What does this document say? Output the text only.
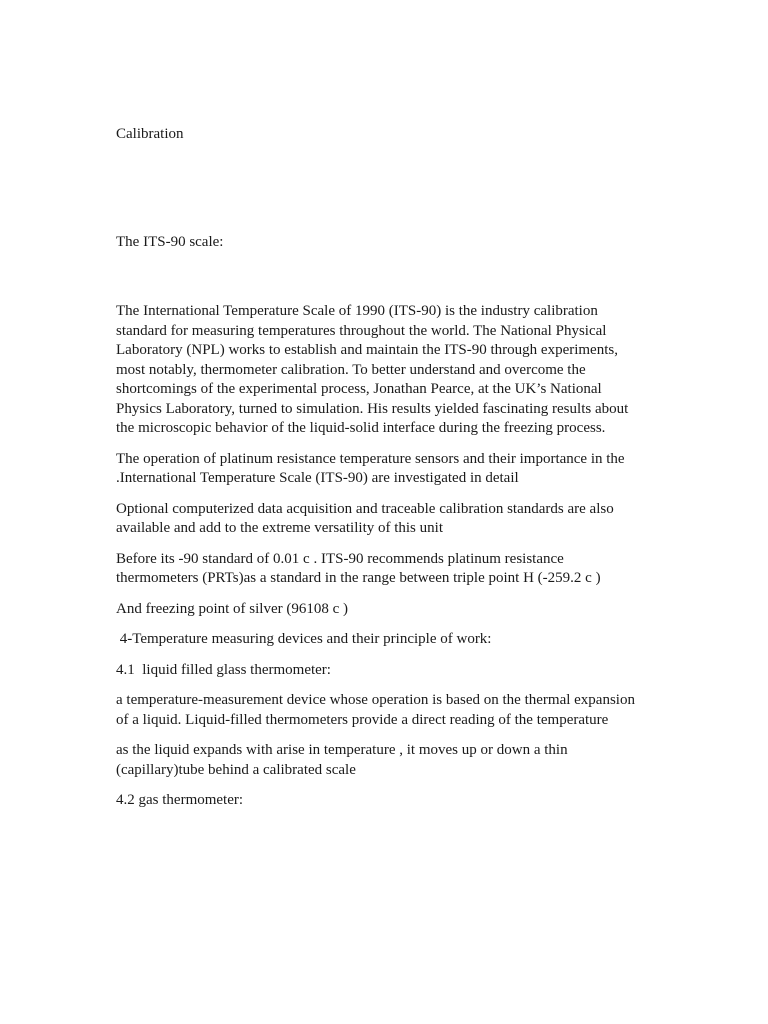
Calibration

The ITS-90 scale:

The International Temperature Scale of 1990 (ITS-90) is the industry calibration
standard for measuring temperatures throughout the world. The National Physical
Laboratory (NPL) works to establish and maintain the ITS-90 through experiments,
most notably, thermometer calibration. To better understand and overcome the
shortcomings of the experimental process, Jonathan Pearce, at the UK’s National
Physics Laboratory, turned to simulation. His results yielded fascinating results about
the microscopic behavior of the liquid-solid interface during the freezing process.

The operation of platinum resistance temperature sensors and their importance in the
.International Temperature Scale (ITS-90) are investigated in detail

Optional computerized data acquisition and traceable calibration standards are also
available and add to the extreme versatility of this unit

Before its -90 standard of 0.01 c . ITS-90 recommends platinum resistance
thermometers (PRTs)as a standard in the range between triple point H (-259.2 c )

And freezing point of silver (96108 c )

4-Temperature measuring devices and their principle of work:

4.1  liquid filled glass thermometer:

a temperature-measurement device whose operation is based on the thermal expansion
of a liquid. Liquid-filled thermometers provide a direct reading of the temperature

as the liquid expands with arise in temperature , it moves up or down a thin
(capillary)tube behind a calibrated scale

4.2 gas thermometer:
